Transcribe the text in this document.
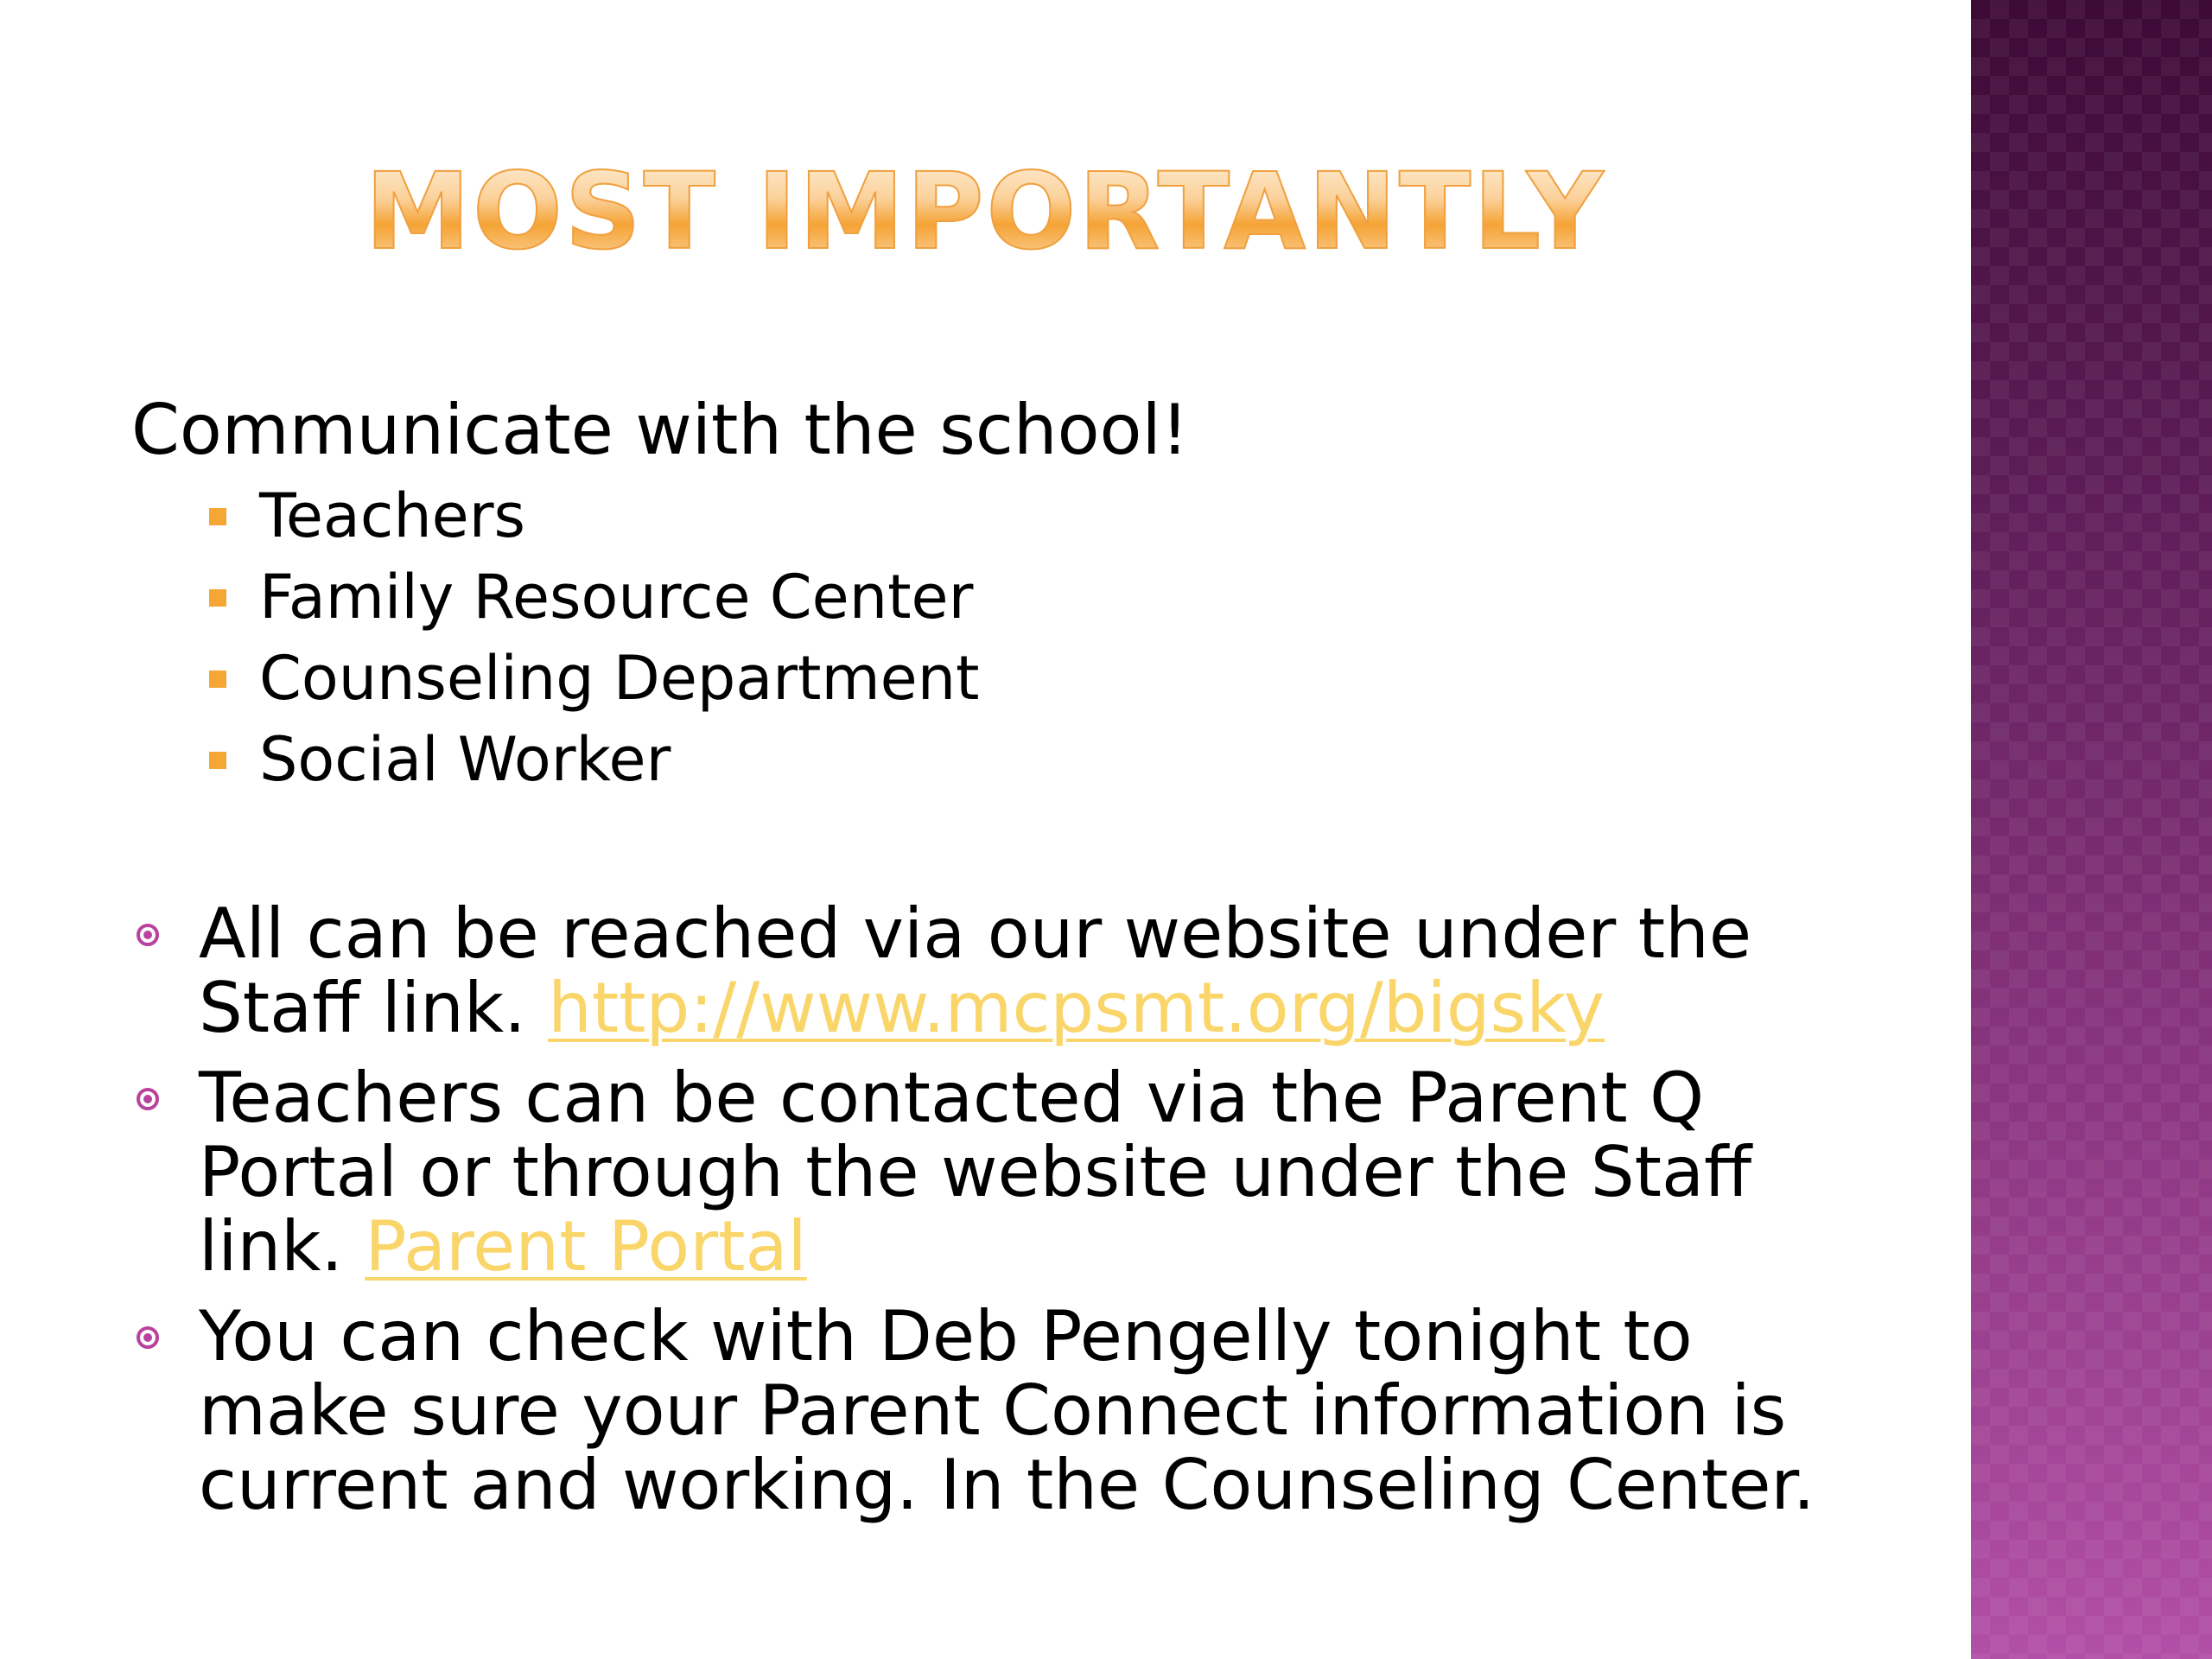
MOST IMPORTANTLY
Communicate with the school!
Teachers
Family Resource Center
Counseling Department
Social Worker
All can be reached via our website under the Staff link. http://www.mcpsmt.org/bigsky
Teachers can be contacted via the Parent Q Portal or through the website under the Staff link. Parent Portal
You can check with Deb Pengelly tonight to make sure your Parent Connect information is current and working. In the Counseling Center.
